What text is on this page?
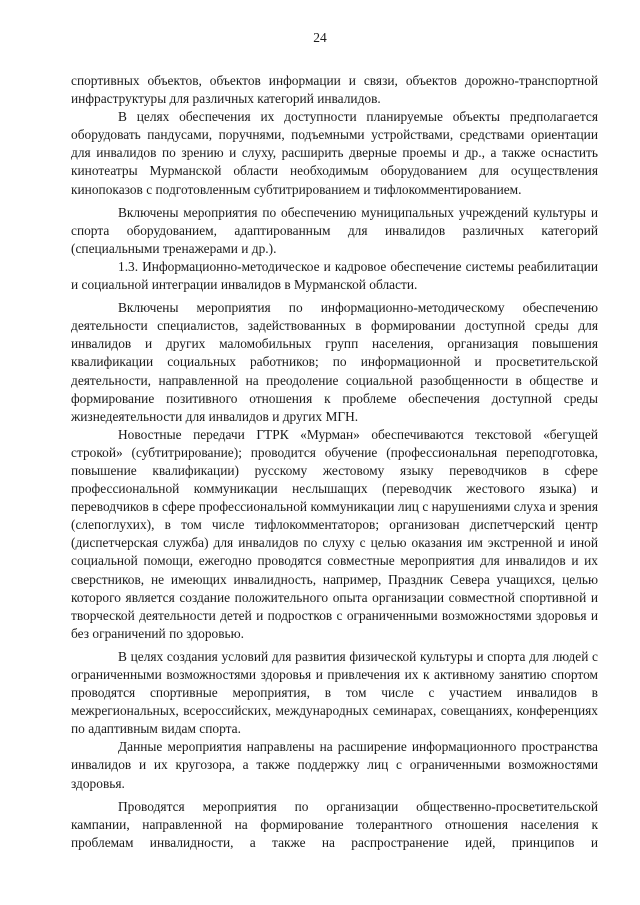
24

спортивных объектов, объектов информации и связи, объектов дорожно-транспортной инфраструктуры для различных категорий инвалидов.

В целях обеспечения их доступности планируемые объекты предполагается оборудовать пандусами, поручнями, подъемными устройствами, средствами ориентации для инвалидов по зрению и слуху, расширить дверные проемы и др., а также оснастить кинотеатры Мурманской области необходимым оборудованием для осуществления кинопоказов с подготовленным субтитрированием и тифлокомментированием.

Включены мероприятия по обеспечению муниципальных учреждений культуры и спорта оборудованием, адаптированным для инвалидов различных категорий (специальными тренажерами и др.).

1.3. Информационно-методическое и кадровое обеспечение системы реабилитации и социальной интеграции инвалидов в Мурманской области.

Включены мероприятия по информационно-методическому обеспечению деятельности специалистов, задействованных в формировании доступной среды для инвалидов и других маломобильных групп населения, организация повышения квалификации социальных работников; по информационной и просветительской деятельности, направленной на преодоление социальной разобщенности в обществе и формирование позитивного отношения к проблеме обеспечения доступной среды жизнедеятельности для инвалидов и других МГН.

Новостные передачи ГТРК «Мурман» обеспечиваются текстовой «бегущей строкой» (субтитрирование); проводится обучение (профессиональная переподготовка, повышение квалификации) русскому жестовому языку переводчиков в сфере профессиональной коммуникации неслышащих (переводчик жестового языка) и переводчиков в сфере профессиональной коммуникации лиц с нарушениями слуха и зрения (слепоглухих), в том числе тифлокомментаторов; организован диспетчерский центр (диспетчерская служба) для инвалидов по слуху с целью оказания им экстренной и иной социальной помощи, ежегодно проводятся совместные мероприятия для инвалидов и их сверстников, не имеющих инвалидность, например, Праздник Севера учащихся, целью которого является создание положительного опыта организации совместной спортивной и творческой деятельности детей и подростков с ограниченными возможностями здоровья и без ограничений по здоровью.

В целях создания условий для развития физической культуры и спорта для людей с ограниченными возможностями здоровья и привлечения их к активному занятию спортом проводятся спортивные мероприятия, в том числе с участием инвалидов в межрегиональных, всероссийских, международных семинарах, совещаниях, конференциях по адаптивным видам спорта.

Данные мероприятия направлены на расширение информационного пространства инвалидов и их кругозора, а также поддержку лиц с ограниченными возможностями здоровья.

Проводятся мероприятия по организации общественно-просветительской кампании, направленной на формирование толерантного отношения населения к проблемам инвалидности, а также на распространение идей, принципов и
